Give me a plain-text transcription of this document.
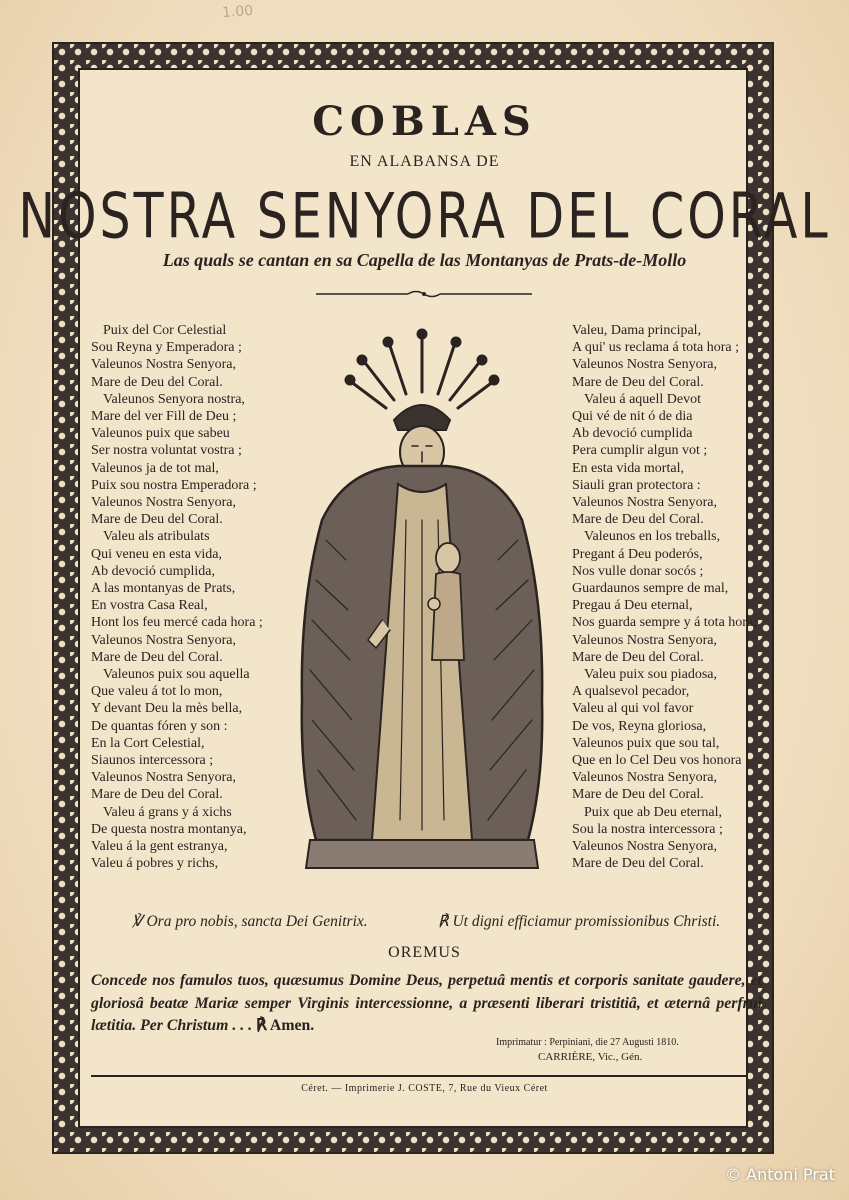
1.00
COBLAS
EN ALABANSA DE
NOSTRA SENYORA DEL CORAL
Las quals se cantan en sa Capella de las Montanyas de Prats-de-Mollo
Puix del Cor Celestial
Sou Reyna y Emperadora ;
Valeunos Nostra Senyora,
Mare de Deu del Coral.
Valeunos Senyora nostra,
Mare del ver Fill de Deu ;
Valeunos puix que sabeu
Ser nostra voluntat vostra ;
Valeunos ja de tot mal,
Puix sou nostra Emperadora ;
Valeunos Nostra Senyora,
Mare de Deu del Coral.
Valeu als atribulats
Qui veneu en esta vida,
Ab devoció cumplida,
A las montanyas de Prats,
En vostra Casa Real,
Hont los feu mercé cada hora ;
Valeunos Nostra Senyora,
Mare de Deu del Coral.
Valeunos puix sou aquella
Que valeu á tot lo mon,
Y devant Deu la mès bella,
De quantas fóren y son :
En la Cort Celestial,
Siaunos intercessora ;
Valeunos Nostra Senyora,
Mare de Deu del Coral.
Valeu á grans y á xichs
De questa nostra montanya,
Valeu á la gent estranya,
Valeu á pobres y richs,
Valeu, Dama principal,
A qui' us reclama á tota hora ;
Valeunos Nostra Senyora,
Mare de Deu del Coral.
Valeu á aquell Devot
Qui vé de nit ó de dia
Ab devoció cumplida
Pera cumplir algun vot ;
En esta vida mortal,
Siauli gran protectora :
Valeunos Nostra Senyora,
Mare de Deu del Coral.
Valeunos en los treballs,
Pregant á Deu poderós,
Nos vulle donar socós ;
Guardaunos sempre de mal,
Pregau á Deu eternal,
Nos guarda sempre y á tota hora;
Valeunos Nostra Senyora,
Mare de Deu del Coral.
Valeu puix sou piadosa,
A qualsevol pecador,
Valeu al qui vol favor
De vos, Reyna gloriosa,
Valeunos puix que sou tal,
Que en lo Cel Deu vos honora :
Valeunos Nostra Senyora,
Mare de Deu del Coral.
Puix que ab Deu eternal,
Sou la nostra intercessora ;
Valeunos Nostra Senyora,
Mare de Deu del Coral.
℣ Ora pro nobis, sancta Dei Genitrix.	℟ Ut digni efficiamur promissionibus Christi.
OREMUS
Concede nos famulos tuos, quæsumus Domine Deus, perpetuâ mentis et corporis sanitate gaudere, et gloriosâ beatæ Mariæ semper Virginis intercessionne, a præsenti liberari tristitiâ, et æternâ perfrui lætitia. Per Christum . . . ℟ Amen.
Imprimatur : Perpiniani, die 27 Augusti 1810.
CARRIÈRE, Vic., Gén.
Céret. — Imprimerie J. COSTE, 7, Rue du Vieux Céret
© Antoni Prat
